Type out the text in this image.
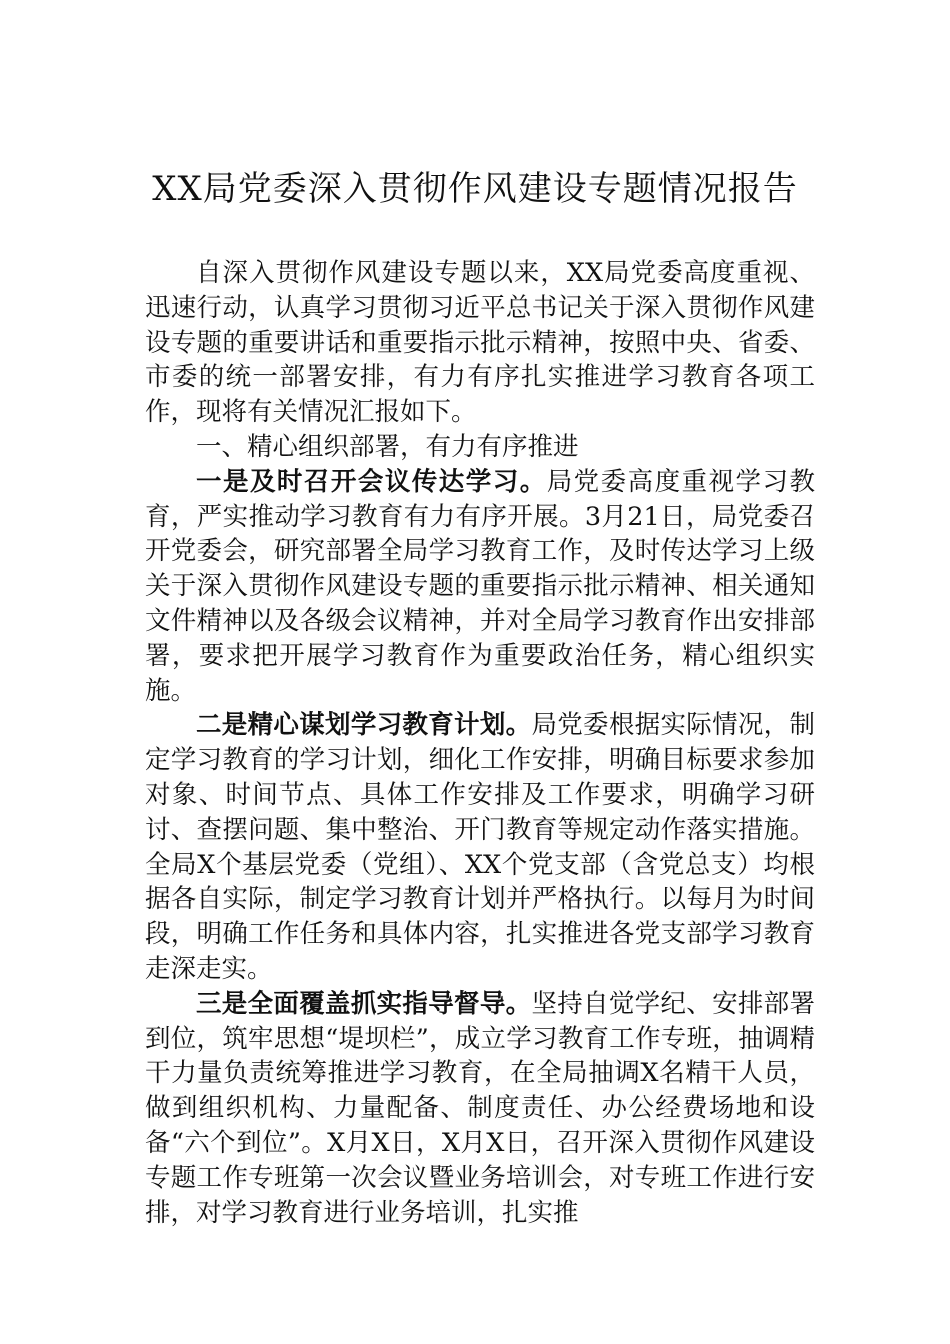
XX局党委深入贯彻作风建设专题情况报告

自深入贯彻作风建设专题以来，XX局党委高度重视、迅速行动，认真学习贯彻习近平总书记关于深入贯彻作风建设专题的重要讲话和重要指示批示精神，按照中央、省委、市委的统一部署安排，有力有序扎实推进学习教育各项工作，现将有关情况汇报如下。

一、精心组织部署，有力有序推进

一是及时召开会议传达学习。局党委高度重视学习教育，严实推动学习教育有力有序开展。3月21日，局党委召开党委会，研究部署全局学习教育工作，及时传达学习上级关于深入贯彻作风建设专题的重要指示批示精神、相关通知文件精神以及各级会议精神，并对全局学习教育作出安排部署，要求把开展学习教育作为重要政治任务，精心组织实施。

二是精心谋划学习教育计划。局党委根据实际情况，制定学习教育的学习计划，细化工作安排，明确目标要求参加对象、时间节点、具体工作安排及工作要求，明确学习研讨、查摆问题、集中整治、开门教育等规定动作落实措施。全局X个基层党委（党组）、XX个党支部（含党总支）均根据各自实际，制定学习教育计划并严格执行。以每月为时间段，明确工作任务和具体内容，扎实推进各党支部学习教育走深走实。

三是全面覆盖抓实指导督导。坚持自觉学纪、安排部署到位，筑牢思想“堤坝栏”，成立学习教育工作专班，抽调精干力量负责统筹推进学习教育，在全局抽调X名精干人员，做到组织机构、力量配备、制度责任、办公经费场地和设备“六个到位”。X月X日，X月X日，召开深入贯彻作风建设专题工作专班第一次会议暨业务培训会，对专班工作进行安排，对学习教育进行业务培训，扎实推
